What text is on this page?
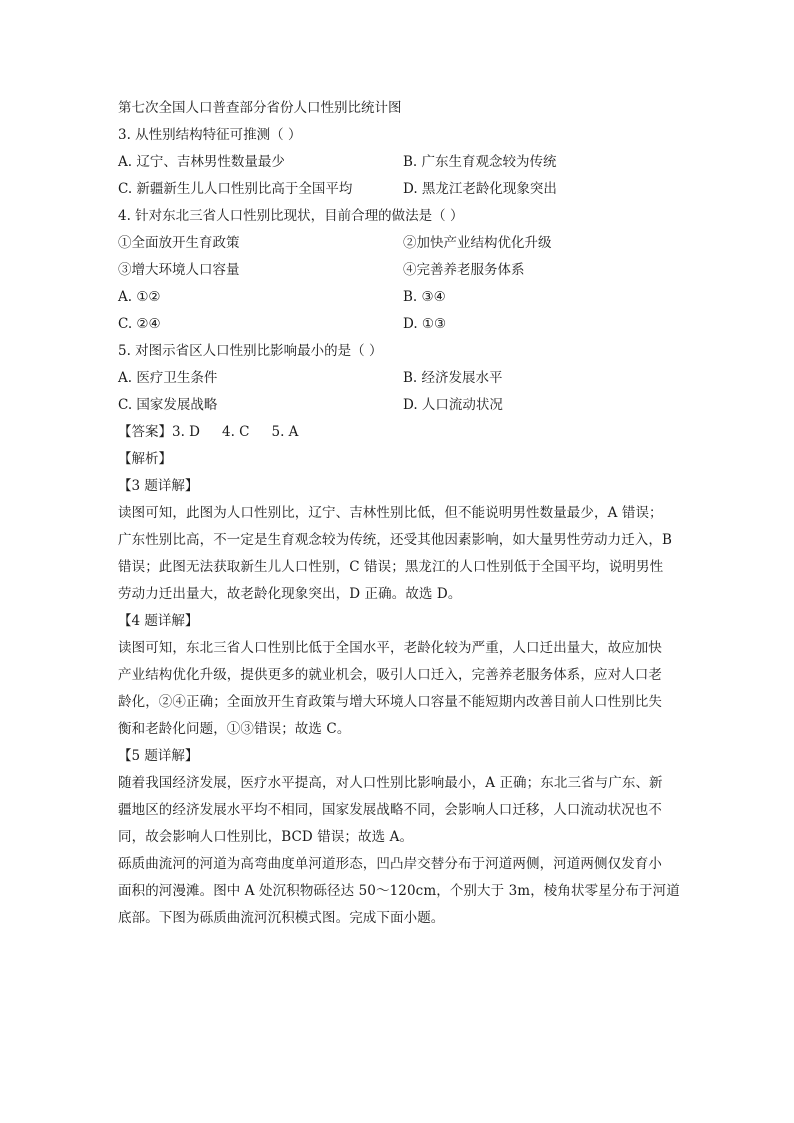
第七次全国人口普查部分省份人口性别比统计图
3. 从性别结构特征可推测（ ）
A. 辽宁、吉林男性数量最少	B. 广东生育观念较为传统
C. 新疆新生儿人口性别比高于全国平均	D. 黑龙江老龄化现象突出
4. 针对东北三省人口性别比现状，目前合理的做法是（ ）
①全面放开生育政策	②加快产业结构优化升级
③增大环境人口容量	④完善养老服务体系
A. ①②	B. ③④
C. ②④	D. ①③
5. 对图示省区人口性别比影响最小的是（ ）
A. 医疗卫生条件	B. 经济发展水平
C. 国家发展战略	D. 人口流动状况
【答案】3. D 4. C 5. A
【解析】
【3 题详解】
读图可知，此图为人口性别比，辽宁、吉林性别比低，但不能说明男性数量最少，A 错误；
广东性别比高，不一定是生育观念较为传统，还受其他因素影响，如大量男性劳动力迁入，B
错误；此图无法获取新生儿人口性别，C 错误；黑龙江的人口性别低于全国平均，说明男性
劳动力迁出量大，故老龄化现象突出，D 正确。故选 D。
【4 题详解】
读图可知，东北三省人口性别比低于全国水平，老龄化较为严重，人口迁出量大，故应加快
产业结构优化升级，提供更多的就业机会，吸引人口迁入，完善养老服务体系，应对人口老
龄化，②④正确；全面放开生育政策与增大环境人口容量不能短期内改善目前人口性别比失
衡和老龄化问题，①③错误；故选 C。
【5 题详解】
随着我国经济发展，医疗水平提高，对人口性别比影响最小，A 正确；东北三省与广东、新
疆地区的经济发展水平均不相同，国家发展战略不同，会影响人口迁移，人口流动状况也不
同，故会影响人口性别比，BCD 错误；故选 A。
砾质曲流河的河道为高弯曲度单河道形态，凹凸岸交替分布于河道两侧，河道两侧仅发育小
面积的河漫滩。图中 A 处沉积物砾径达 50～120cm，个别大于 3m，棱角状零星分布于河道
底部。下图为砾质曲流河沉积模式图。完成下面小题。
